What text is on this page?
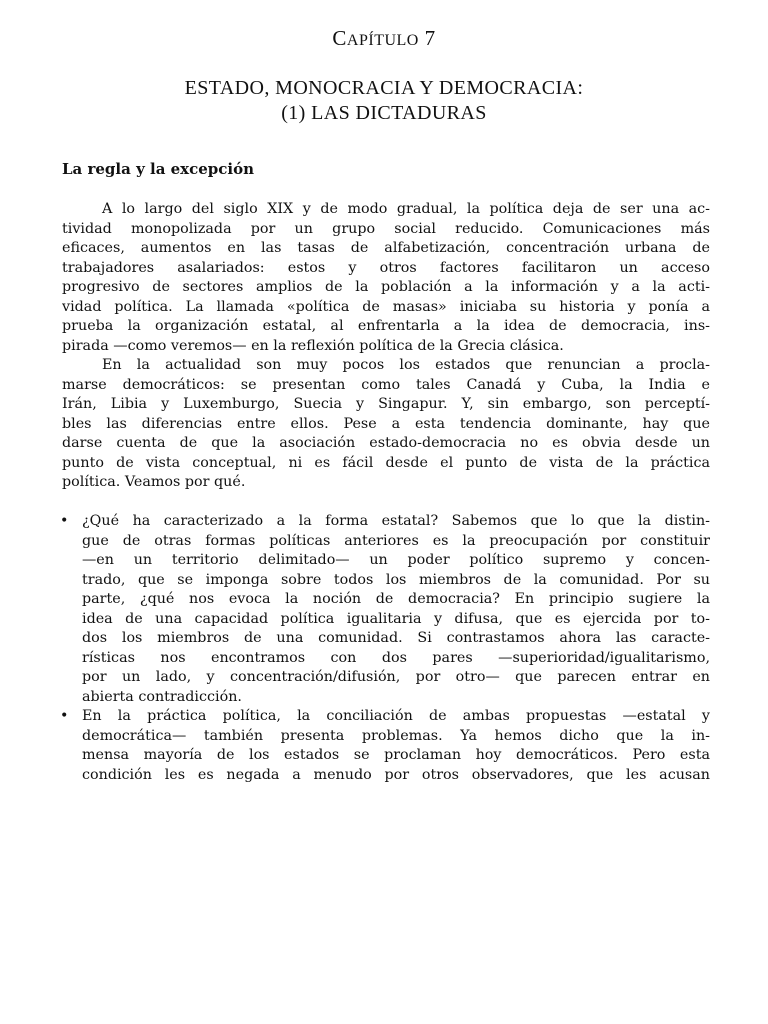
CAPÍTULO 7
ESTADO, MONOCRACIA Y DEMOCRACIA:
(1) LAS DICTADURAS
La regla y la excepción
A lo largo del siglo XIX y de modo gradual, la política deja de ser una ac-
tividad monopolizada por un grupo social reducido. Comunicaciones más
eficaces, aumentos en las tasas de alfabetización, concentración urbana de
trabajadores asalariados: estos y otros factores facilitaron un acceso
progresivo de sectores amplios de la población a la información y a la acti-
vidad política. La llamada «política de masas» iniciaba su historia y ponía a
prueba la organización estatal, al enfrentarla a la idea de democracia, ins-
pirada —como veremos— en la reflexión política de la Grecia clásica.
En la actualidad son muy pocos los estados que renuncian a procla-
marse democráticos: se presentan como tales Canadá y Cuba, la India e
Irán, Libia y Luxemburgo, Suecia y Singapur. Y, sin embargo, son perceptí-
bles las diferencias entre ellos. Pese a esta tendencia dominante, hay que
darse cuenta de que la asociación estado-democracia no es obvia desde un
punto de vista conceptual, ni es fácil desde el punto de vista de la práctica
política. Veamos por qué.
• ¿Qué ha caracterizado a la forma estatal? Sabemos que lo que la distin-
gue de otras formas políticas anteriores es la preocupación por constituir
—en un territorio delimitado— un poder político supremo y concen-
trado, que se imponga sobre todos los miembros de la comunidad. Por su
parte, ¿qué nos evoca la noción de democracia? En principio sugiere la
idea de una capacidad política igualitaria y difusa, que es ejercida por to-
dos los miembros de una comunidad. Si contrastamos ahora las caracte-
rísticas nos encontramos con dos pares —superioridad/igualitarismo,
por un lado, y concentración/difusión, por otro— que parecen entrar en
abierta contradicción.
• En la práctica política, la conciliación de ambas propuestas —estatal y
democrática— también presenta problemas. Ya hemos dicho que la in-
mensa mayoría de los estados se proclaman hoy democráticos. Pero esta
condición les es negada a menudo por otros observadores, que les acusan
